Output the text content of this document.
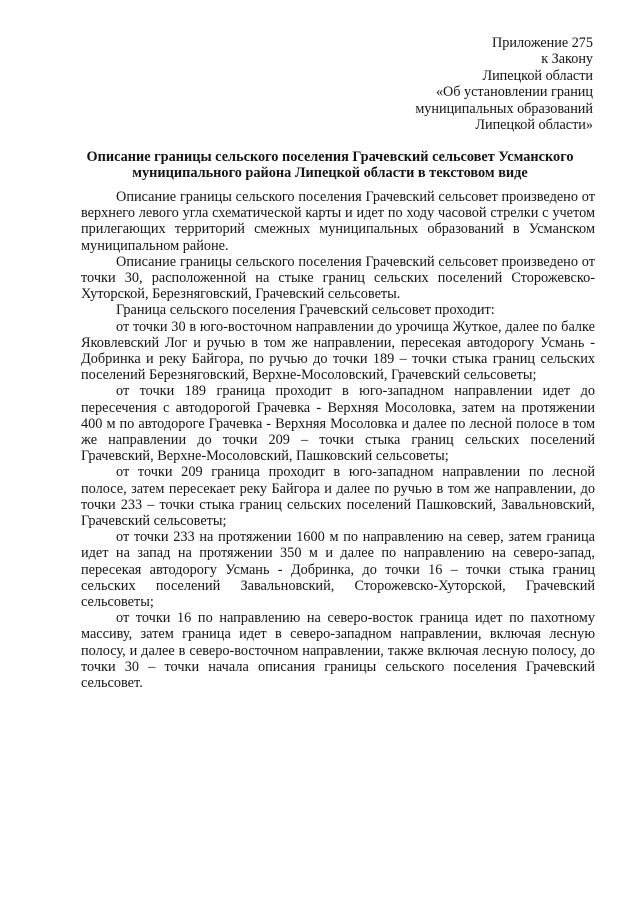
Приложение 275
к Закону
Липецкой области
«Об установлении границ
муниципальных образований
Липецкой области»
Описание границы сельского поселения Грачевский сельсовет Усманского муниципального района Липецкой области в текстовом виде

Описание границы сельского поселения Грачевский сельсовет произведено от верхнего левого угла схематической карты и идет по ходу часовой стрелки с учетом прилегающих территорий смежных муниципальных образований в Усманском муниципальном районе.

Описание границы сельского поселения Грачевский сельсовет произведено от точки 30, расположенной на стыке границ сельских поселений Сторожевско-Хуторской, Березняговский, Грачевский сельсоветы.

Граница сельского поселения Грачевский сельсовет проходит:

от точки 30 в юго-восточном направлении до урочища Жуткое, далее по балке Яковлевский Лог и ручью в том же направлении, пересекая автодорогу Усмань - Добринка и реку Байгора, по ручью до точки 189 – точки стыка границ сельских поселений Березняговский, Верхне-Мосоловский, Грачевский сельсоветы;

от точки 189 граница проходит в юго-западном направлении идет до пересечения с автодорогой Грачевка - Верхняя Мосоловка, затем на протяжении 400 м по автодороге Грачевка - Верхняя Мосоловка и далее по лесной полосе в том же направлении до точки 209 – точки стыка границ сельских поселений Грачевский, Верхне-Мосоловский, Пашковский сельсоветы;

от точки 209 граница проходит в юго-западном направлении по лесной полосе, затем пересекает реку Байгора и далее по ручью в том же направлении, до точки 233 – точки стыка границ сельских поселений Пашковский, Завальновский, Грачевский сельсоветы;

от точки 233 на протяжении 1600 м по направлению на север, затем граница идет на запад на протяжении 350 м и далее по направлению на северо-запад, пересекая автодорогу Усмань - Добринка, до точки 16 – точки стыка границ сельских поселений Завальновский, Сторожевско-Хуторской, Грачевский сельсоветы;

от точки 16 по направлению на северо-восток граница идет по пахотному массиву, затем граница идет в северо-западном направлении, включая лесную полосу, и далее в северо-восточном направлении, также включая лесную полосу, до точки 30 – точки начала описания границы сельского поселения Грачевский сельсовет.
